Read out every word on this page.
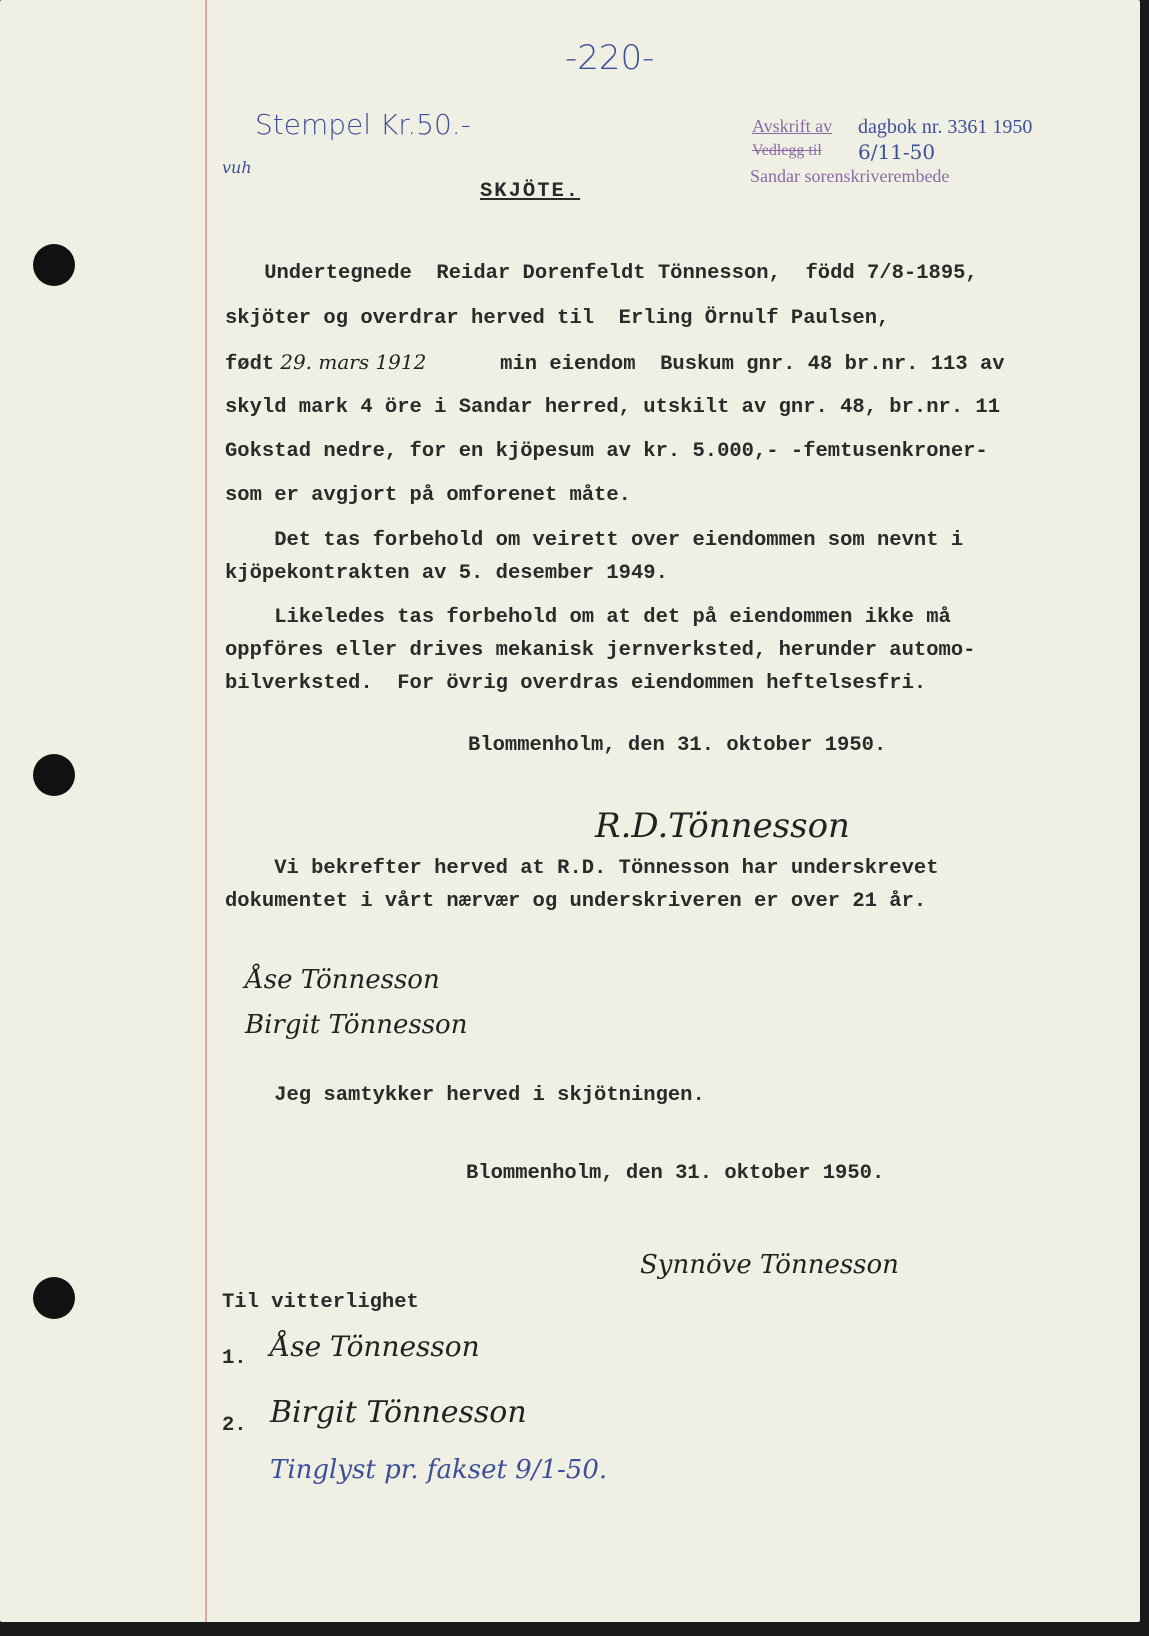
-220-
Stempel Kr.50.-
vuh
Avskrift av dagbok nr. 3361 1950
Vedlegg til 6/11-50
Sandar sorenskriverembede
SKJÖTE.
Undertegnede  Reidar Dorenfeldt Tönnesson,  född 7/8-1895,
skjöter og overdrar herved til  Erling Örnulf Paulsen,
født 29. mars 1912 min eiendom  Buskum gnr. 48 br.nr. 113 av
skyld mark 4 öre i Sandar herred, utskilt av gnr. 48, br.nr. 11
Gokstad nedre, for en kjöpesum av kr. 5.000,- -femtusenkroner-
som er avgjort på omforenet måte.
Det tas forbehold om veirett over eiendommen som nevnt i
kjöpekontrakten av 5. desember 1949.
Likeledes tas forbehold om at det på eiendommen ikke må
oppföres eller drives mekanisk jernverksted, herunder automo-
bilverksted.  For övrig overdras eiendommen heftelsesfri.
Blommenholm, den 31. oktober 1950.
R.D.Tönnesson
Vi bekrefter herved at R.D. Tönnesson har underskrevet
dokumentet i vårt nærvær og underskriveren er over 21 år.
Åse Tönnesson
Birgit Tönnesson
Jeg samtykker herved i skjötningen.
Blommenholm, den 31. oktober 1950.
Synnöve Tönnesson
Til vitterlighet
1. Åse Tönnesson
2. Birgit Tönnesson
Tinglyst pr. fakset 9/1-50.
